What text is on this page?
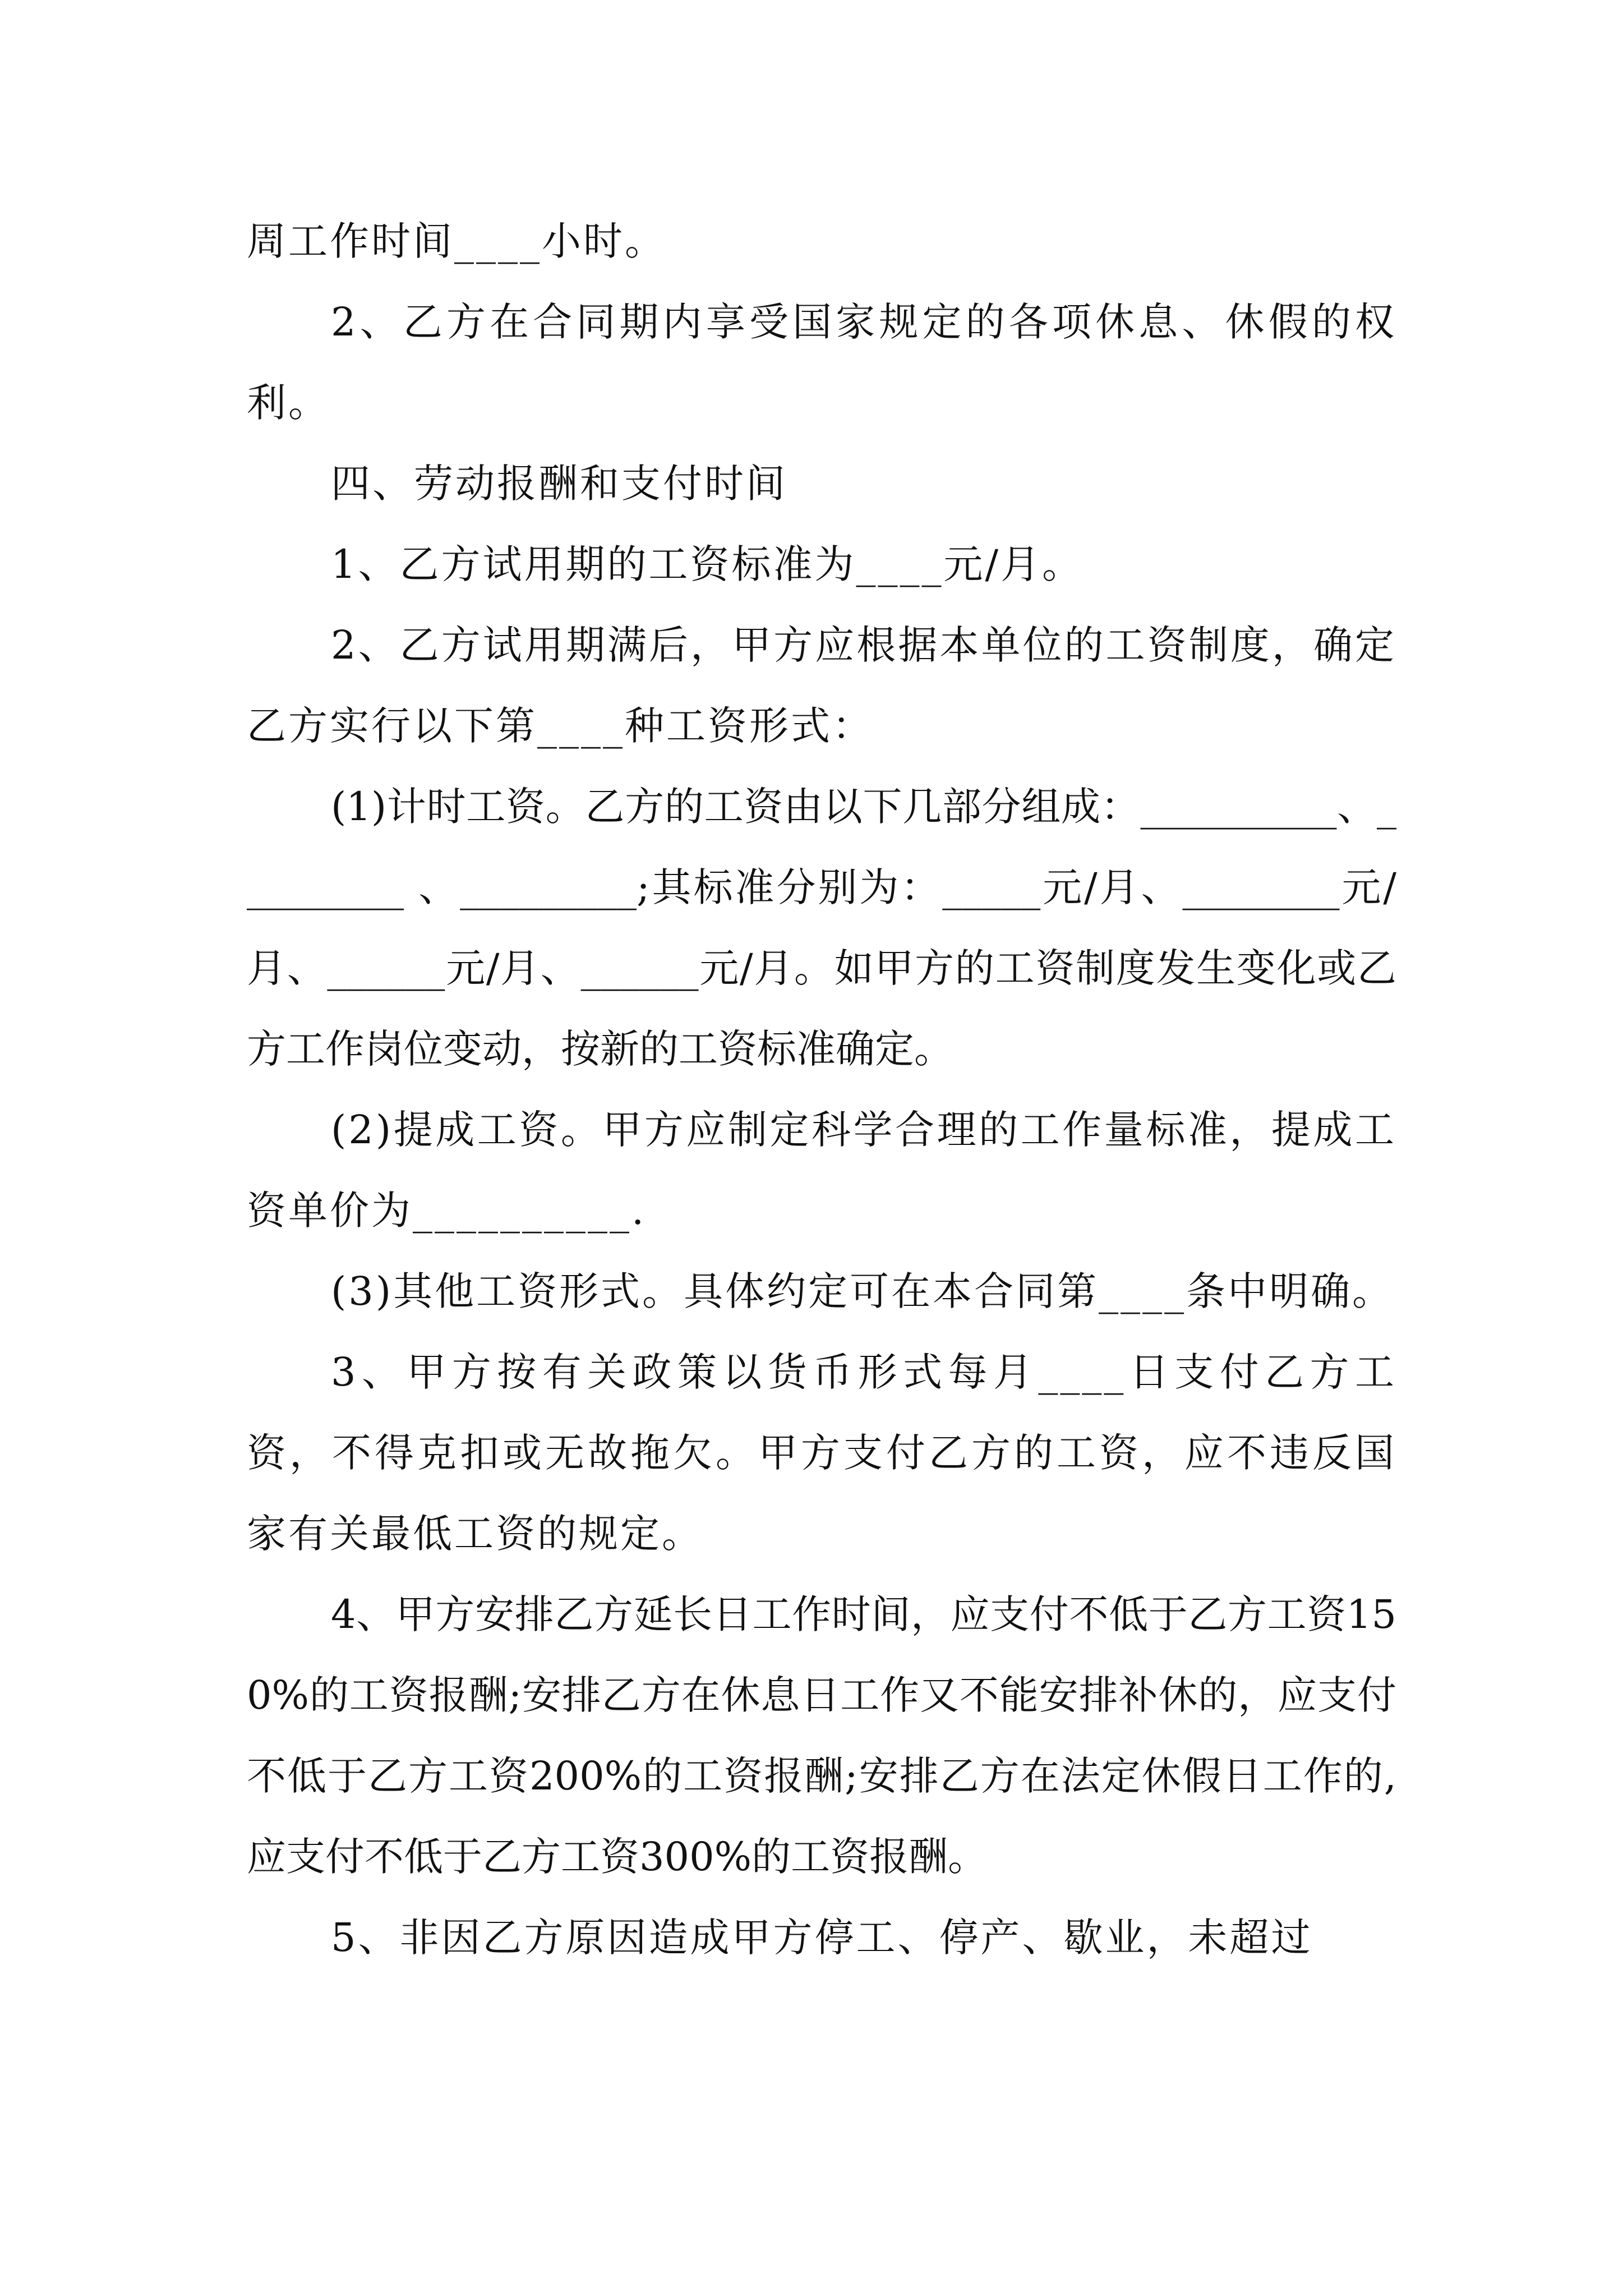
周工作时间____小时。

2、乙方在合同期内享受国家规定的各项休息、休假的权利。

四、劳动报酬和支付时间

1、乙方试用期的工资标准为____元/月。

2、乙方试用期满后，甲方应根据本单位的工资制度，确定乙方实行以下第____种工资形式：

(1)计时工资。乙方的工资由以下几部分组成：__________、_________ 、_________;其标准分别为：_____元/月、________元/月、______元/月、______元/月。如甲方的工资制度发生变化或乙方工作岗位变动，按新的工资标准确定。

(2)提成工资。甲方应制定科学合理的工作量标准，提成工资单价为__________.

(3)其他工资形式。具体约定可在本合同第____条中明确。

3、甲方按有关政策以货币形式每月____日支付乙方工资，不得克扣或无故拖欠。甲方支付乙方的工资，应不违反国家有关最低工资的规定。

4、甲方安排乙方延长日工作时间，应支付不低于乙方工资150%的工资报酬;安排乙方在休息日工作又不能安排补休的，应支付不低于乙方工资200%的工资报酬;安排乙方在法定休假日工作的,应支付不低于乙方工资300%的工资报酬。

5、非因乙方原因造成甲方停工、停产、歇业，未超过
